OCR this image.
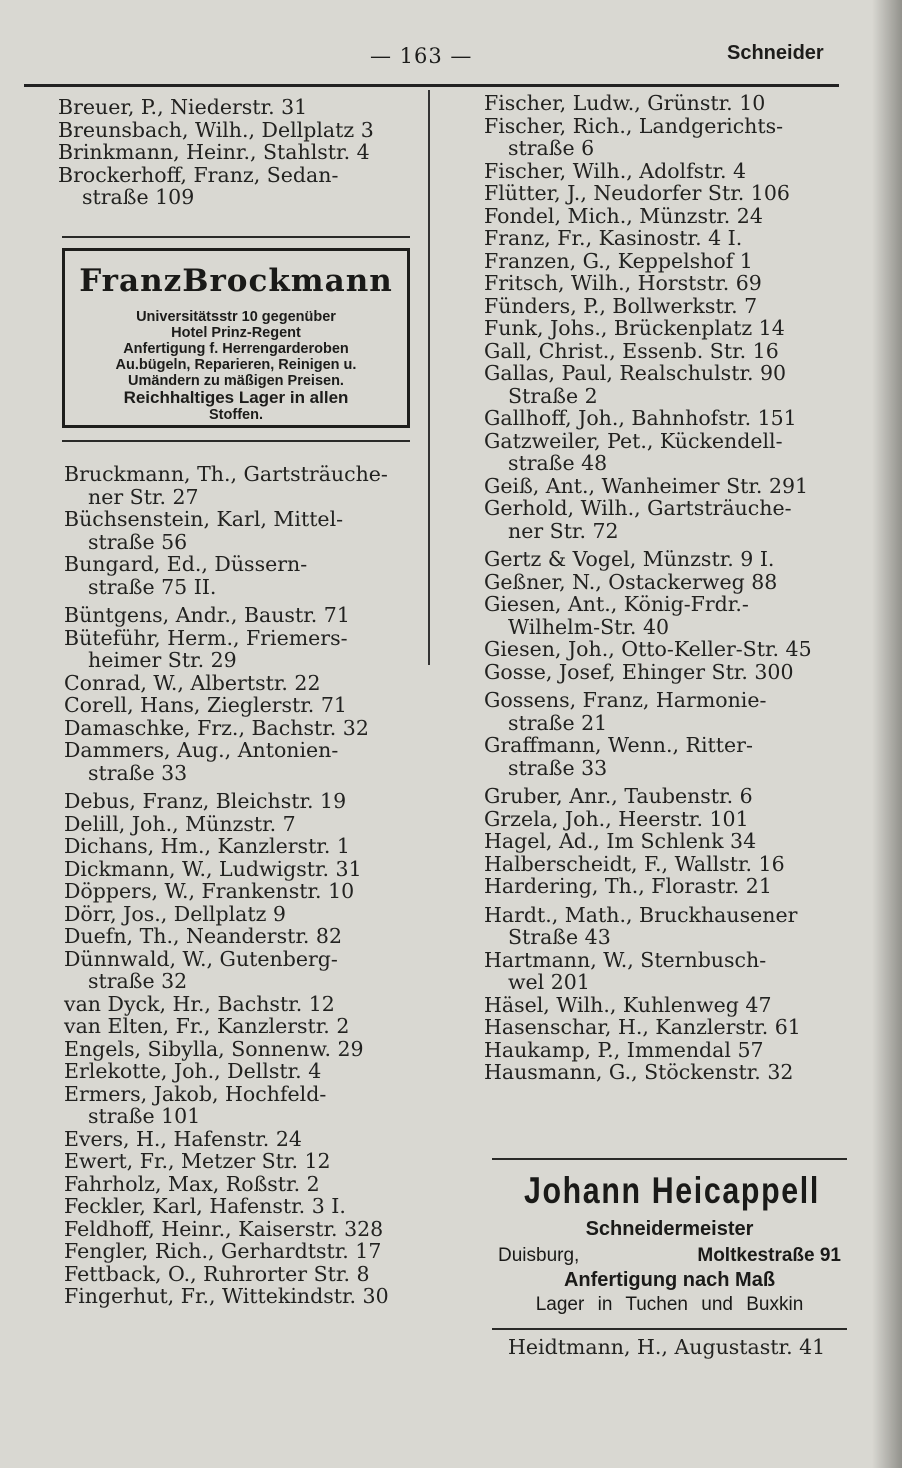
— 163 —	Schneider

Breuer, P., Niederstr. 31

Breunsbach, Wilh., Dellplatz 3

Brinkmann, Heinr., Stahlstr. 4

Brockerhoff, Franz, Sedan-
straße 109

FranzBrockmann
Universitätsstr 10 gegenüber
Hotel Prinz-Regent
Anfertigung f. Herrengarderoben
Au.bügeln, Reparieren, Reinigen u.
Umändern zu mäßigen Preisen.
Reichhaltiges Lager in allen
Stoffen.

Bruckmann, Th., Gartsträuche-
ner Str. 27

Büchsenstein, Karl, Mittel-
straße 56

Bungard, Ed., Düssern-
straße 75 II.

Büntgens, Andr., Baustr. 71

Büteführ, Herm., Friemers-
heimer Str. 29

Conrad, W., Albertstr. 22

Corell, Hans, Zieglerstr. 71

Damaschke, Frz., Bachstr. 32

Dammers, Aug., Antonien-
straße 33

Debus, Franz, Bleichstr. 19

Delill, Joh., Münzstr. 7

Dichans, Hm., Kanzlerstr. 1

Dickmann, W., Ludwigstr. 31

Döppers, W., Frankenstr. 10

Dörr, Jos., Dellplatz 9

Duefn, Th., Neanderstr. 82

Dünnwald, W., Gutenberg-
straße 32

van Dyck, Hr., Bachstr. 12

van Elten, Fr., Kanzlerstr. 2

Engels, Sibylla, Sonnenw. 29

Erlekotte, Joh., Dellstr. 4

Ermers, Jakob, Hochfeld-
straße 101

Evers, H., Hafenstr. 24

Ewert, Fr., Metzer Str. 12

Fahrholz, Max, Roßstr. 2

Feckler, Karl, Hafenstr. 3 I.

Feldhoff, Heinr., Kaiserstr. 328

Fengler, Rich., Gerhardtstr. 17

Fettback, O., Ruhrorter Str. 8

Fingerhut, Fr., Wittekindstr. 30

Fischer, Ludw., Grünstr. 10

Fischer, Rich., Landgerichts-
straße 6

Fischer, Wilh., Adolfstr. 4

Flütter, J., Neudorfer Str. 106

Fondel, Mich., Münzstr. 24

Franz, Fr., Kasinostr. 4 I.

Franzen, G., Keppelshof 1

Fritsch, Wilh., Horststr. 69

Fünders, P., Bollwerkstr. 7

Funk, Johs., Brückenplatz 14

Gall, Christ., Essenb. Str. 16

Gallas, Paul, Realschulstr. 90
Straße 2

Gallhoff, Joh., Bahnhofstr. 151

Gatzweiler, Pet., Kückendell-
straße 48

Geiß, Ant., Wanheimer Str. 291

Gerhold, Wilh., Gartsträuche-
ner Str. 72

Gertz & Vogel, Münzstr. 9 I.

Geßner, N., Ostackerweg 88

Giesen, Ant., König-Frdr.-
Wilhelm-Str. 40

Giesen, Joh., Otto-Keller-Str. 45

Gosse, Josef, Ehinger Str. 300

Gossens, Franz, Harmonie-
straße 21

Graffmann, Wenn., Ritter-
straße 33

Gruber, Anr., Taubenstr. 6

Grzela, Joh., Heerstr. 101

Hagel, Ad., Im Schlenk 34

Halberscheidt, F., Wallstr. 16

Hardering, Th., Florastr. 21

Hardt., Math., Bruckhausener
Straße 43

Hartmann, W., Sternbusch-
wel 201

Häsel, Wilh., Kuhlenweg 47

Hasenschar, H., Kanzlerstr. 61

Haukamp, P., Immendal 57

Hausmann, G., Stöckenstr. 32

Johann Heicappell
Schneidermeister
Duisburg,	Moltkestraße 91
Anfertigung nach Maß
Lager in Tuchen und Buxkin
Heidtmann, H., Augustastr. 41
